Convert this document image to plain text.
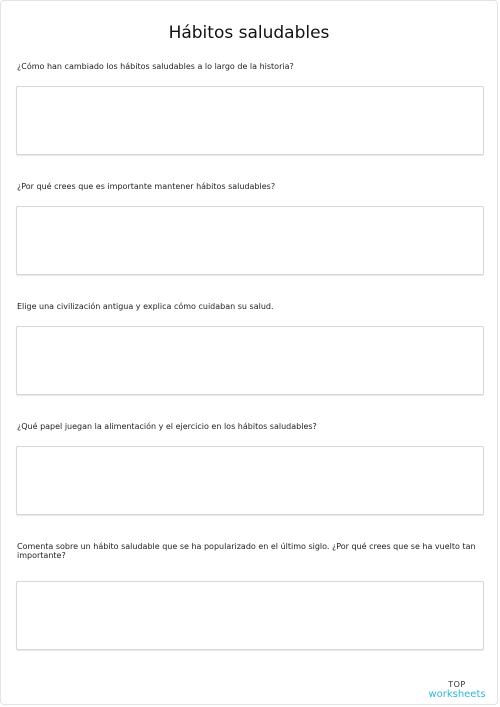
Hábitos saludables
¿Cómo han cambiado los hábitos saludables a lo largo de la historia?
¿Por qué crees que es importante mantener hábitos saludables?
Elige una civilización antigua y explica cómo cuidaban su salud.
¿Qué papel juegan la alimentación y el ejercicio en los hábitos saludables?
Comenta sobre un hábito saludable que se ha popularizado en el último siglo. ¿Por qué crees que se ha vuelto tan importante?
TOP
worksheets
